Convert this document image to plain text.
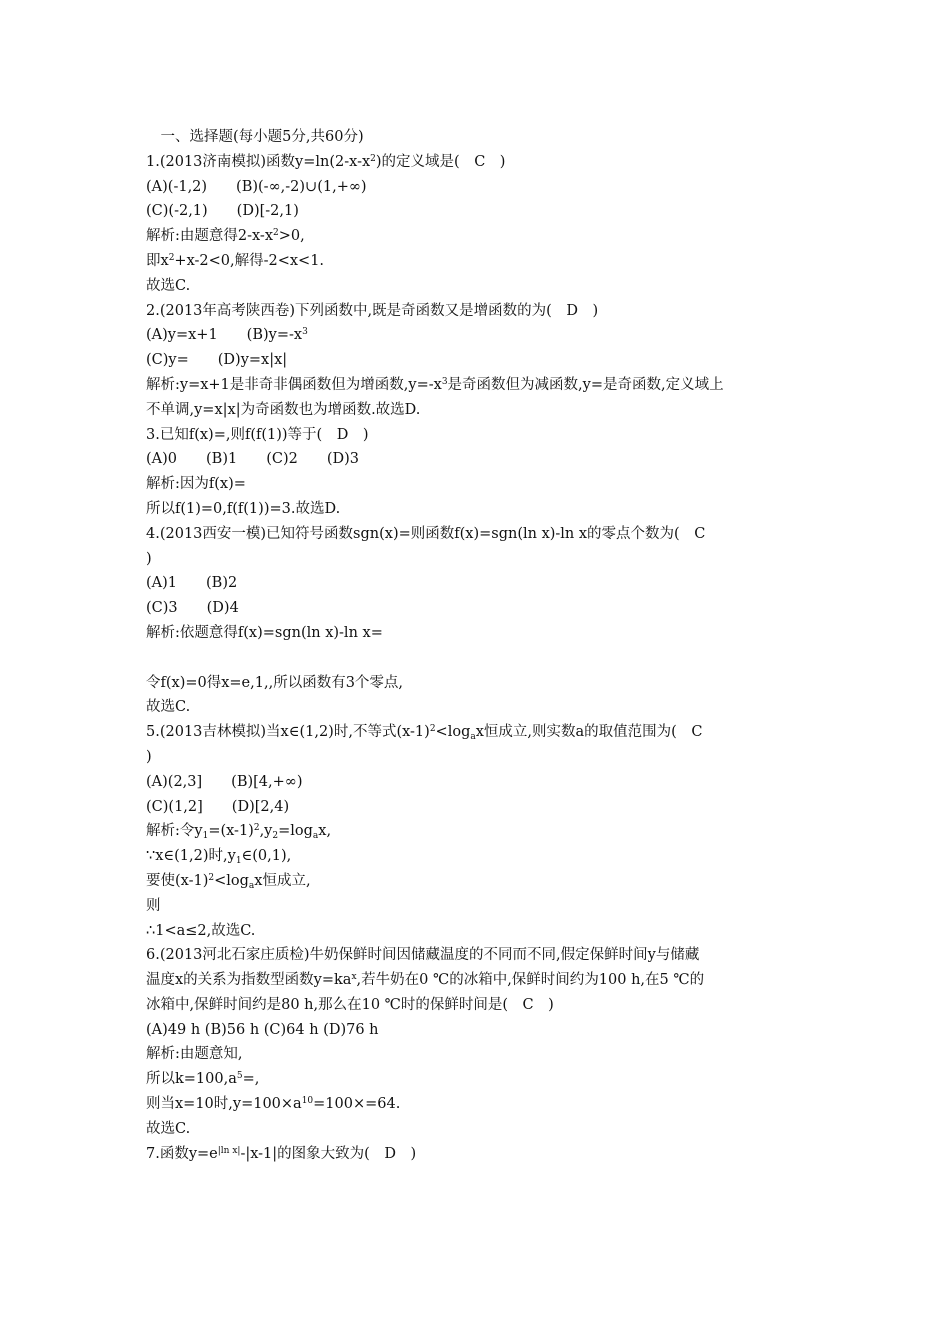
　一、选择题(每小题5分,共60分)
1.(2013济南模拟)函数$y=\ln(2-x-x^2)$的定义域是(　C　)
(A)(-1,2)　　(B)(-∞,-2)∪(1,+∞)
(C)(-2,1)　　(D)[-2,1)
解析:由题意得$2-x-x^2>0$,
即$x^2+x-2<0$,解得-2<x<1.
故选C.
2.(2013年高考陕西卷)下列函数中,既是奇函数又是增函数的为(　D　)
(A)y=x+1　　$(B)y=-x^3$
(C)y=　　(D)y=x|x|
解析:y=x+1是非奇非偶函数但为增函数$,y=-x^3$是奇函数但为减函数,y=是奇函数,定义域上
不单调,y=x|x|为奇函数也为增函数.故选D.
3.已知f(x)=,则f(f(1))等于(　D　)
(A)0　　(B)1　　(C)2　　(D)3
解析:因为f(x)=
所以f(1)=0,f(f(1))=3.故选D.
4.(2013西安一模)已知符号函数sgn(x)=则函数f(x)=sgn(ln x)-ln x的零点个数为(　C
)
(A)1　　(B)2
(C)3　　(D)4
解析:依题意得f(x)=sgn(ln x)-ln x=
令f(x)=0得x=e,1,,所以函数有3个零点,
故选C.
5.(2013吉林模拟)当x∈(1,2)时,不等式$(x-1)^2<\log_ax$恒成立,则实数a的取值范围为(　C
)
(A)(2,3]　　(B)[4,+∞)
(C)(1,2]　　(D)[2,4)
解析:令$y_1=(x-1)^2,y_2=\log_ax$,
∵x∈(1,2)时$,y_1\in(0,1)$,
要使$(x-1)^2<\log_ax$恒成立,
则
∴1<a≤2,故选C.
6.(2013河北石家庄质检)牛奶保鲜时间因储藏温度的不同而不同,假定保鲜时间y与储藏
温度x的关系为指数型函数$y=ka^x$,若牛奶在0 ℃的冰箱中,保鲜时间约为100 h,在5 ℃的
冰箱中,保鲜时间约是80 h,那么在10 ℃时的保鲜时间是(　C　)
(A)49 h (B)56 h (C)64 h (D)76 h
解析:由题意知,
所以$k=100,a^5=$,
则当x=10时$,y=100\times a^{10}=100\times=64$.
故选C.
7.函数$y=e^{|ln x|}-|x-1|$的图象大致为(　D　)
